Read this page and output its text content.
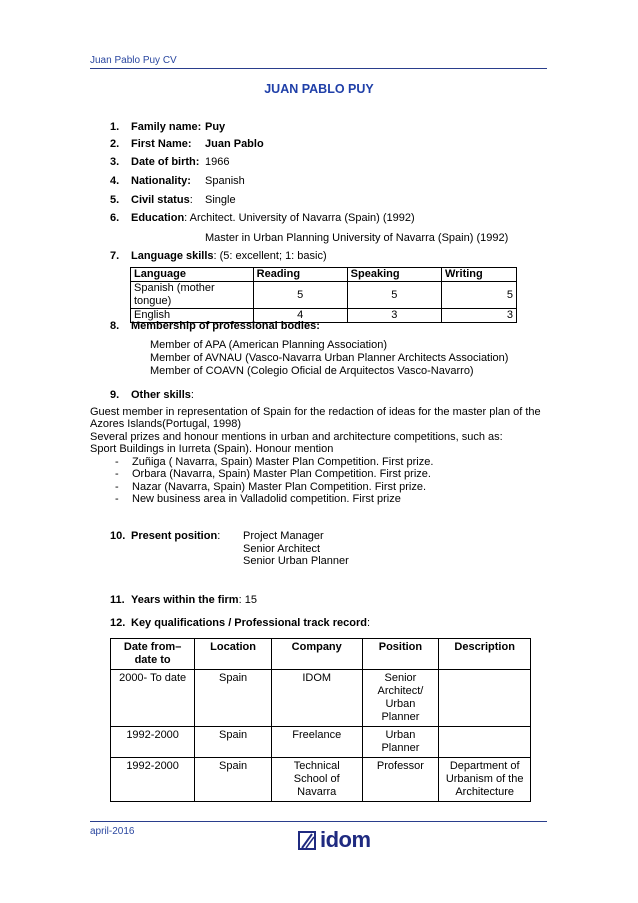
Juan Pablo Puy CV
JUAN PABLO PUY
1. Family name: Puy
2. First Name: Juan Pablo
3. Date of birth: 1966
4. Nationality: Spanish
5. Civil status: Single
6. Education: Architect. University of Navarra (Spain) (1992)
Master in Urban Planning University of Navarra (Spain) (1992)
7. Language skills: (5: excellent; 1: basic)
Language	Reading	Speaking	Writing
Spanish (mother tongue)	5	5	5
English	4	3	3
8. Membership of professional bodies:
Member of APA (American Planning Association)
Member of AVNAU (Vasco-Navarra Urban Planner Architects Association)
Member of COAVN (Colegio Oficial de Arquitectos Vasco-Navarro)
9. Other skills:
Guest member in representation of Spain for the redaction of ideas for the master plan of the
Azores Islands(Portugal, 1998)
Several prizes and honour mentions in urban and architecture competitions, such as:
Sport Buildings in Iurreta (Spain). Honour mention
- Zuñiga ( Navarra, Spain) Master Plan Competition. First prize.
- Orbara (Navarra, Spain) Master Plan Competition. First prize.
- Nazar (Navarra, Spain) Master Plan Competition. First prize.
- New business area in Valladolid competition. First prize
10. Present position: Project Manager
Senior Architect
Senior Urban Planner
11. Years within the firm: 15
12. Key qualifications / Professional track record:
Date from–date to	Location	Company	Position	Description
2000- To date	Spain	IDOM	Senior Architect/ Urban Planner	
1992-2000	Spain	Freelance	Urban Planner	
1992-2000	Spain	Technical School of Navarra	Professor	Department of Urbanism of the Architecture
april-2016	idom
